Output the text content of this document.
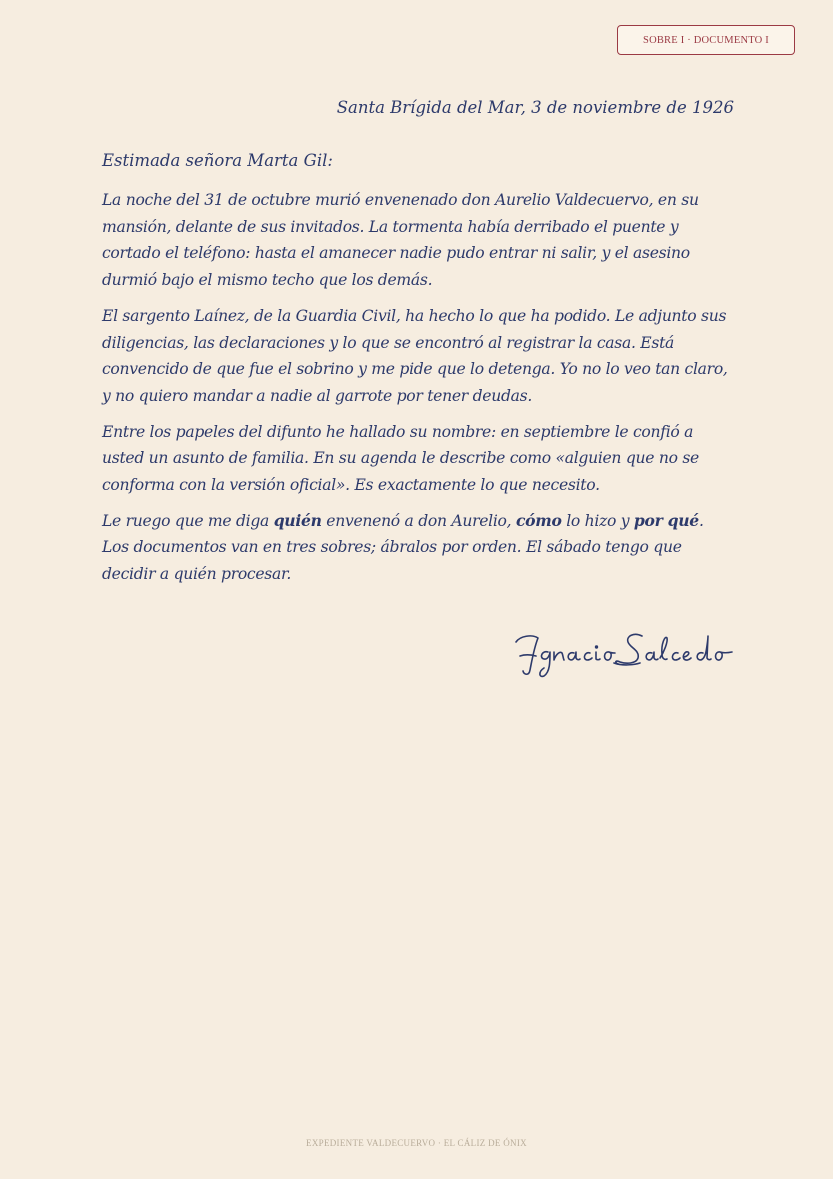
SOBRE I · DOCUMENTO I
Santa Brígida del Mar, 3 de noviembre de 1926
Estimada señora Marta Gil:

La noche del 31 de octubre murió envenenado don Aurelio Valdecuervo, en su mansión, delante de sus invitados. La tormenta había derribado el puente y cortado el teléfono: hasta el amanecer nadie pudo entrar ni salir, y el asesino durmió bajo el mismo techo que los demás.

El sargento Laínez, de la Guardia Civil, ha hecho lo que ha podido. Le adjunto sus diligencias, las declaraciones y lo que se encontró al registrar la casa. Está convencido de que fue el sobrino y me pide que lo detenga. Yo no lo veo tan claro, y no quiero mandar a nadie al garrote por tener deudas.

Entre los papeles del difunto he hallado su nombre: en septiembre le confió a usted un asunto de familia. En su agenda le describe como «alguien que no se conforma con la versión oficial». Es exactamente lo que necesito.

Le ruego que me diga quién envenenó a don Aurelio, cómo lo hizo y por qué. Los documentos van en tres sobres; ábralos por orden. El sábado tengo que decidir a quién procesar.

EXPEDIENTE VALDECUERVO · EL CÁLIZ DE ÓNIX
